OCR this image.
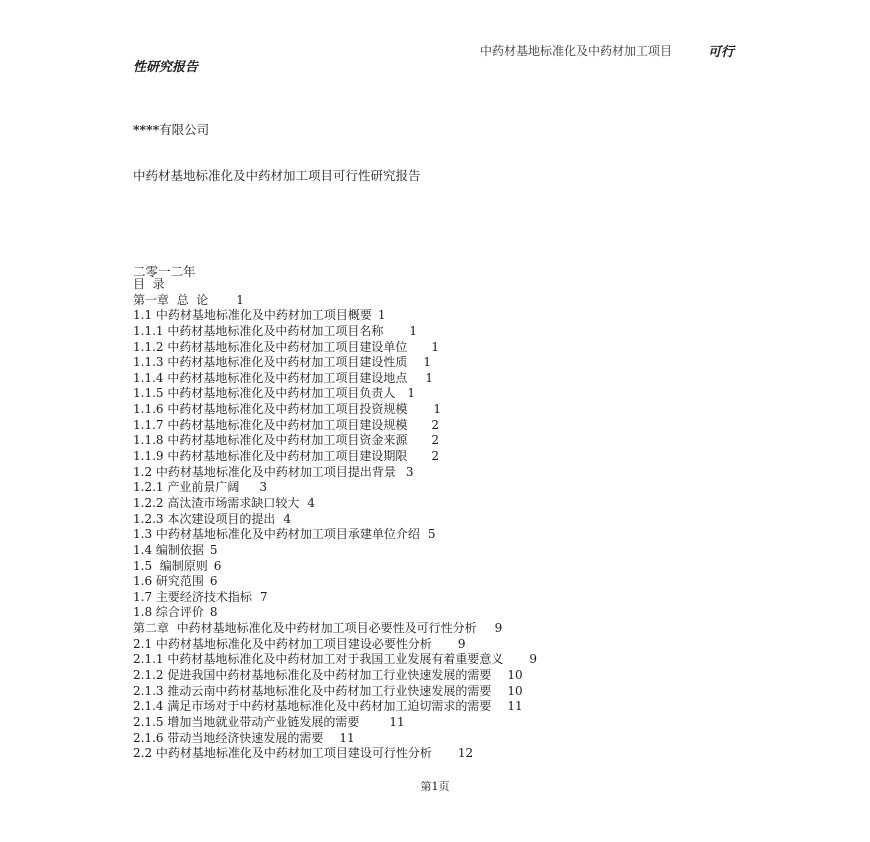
中药材基地标准化及中药材加工项目	可行
性研究报告
****有限公司
中药材基地标准化及中药材加工项目可行性研究报告
二零一二年
目  录
第一章  总  论 1
1.1 中药材基地标准化及中药材加工项目概要 1
1.1.1 中药材基地标准化及中药材加工项目名称 1
1.1.2 中药材基地标准化及中药材加工项目建设单位 1
1.1.3 中药材基地标准化及中药材加工项目建设性质 1
1.1.4 中药材基地标准化及中药材加工项目建设地点 1
1.1.5 中药材基地标准化及中药材加工项目负责人 1
1.1.6 中药材基地标准化及中药材加工项目投资规模 1
1.1.7 中药材基地标准化及中药材加工项目建设规模 2
1.1.8 中药材基地标准化及中药材加工项目资金来源 2
1.1.9 中药材基地标准化及中药材加工项目建设期限 2
1.2 中药材基地标准化及中药材加工项目提出背景 3
1.2.1 产业前景广阔 3
1.2.2 高汰渣市场需求缺口较大 4
1.2.3 本次建设项目的提出 4
1.3 中药材基地标准化及中药材加工项目承建单位介绍 5
1.4 编制依据 5
1.5  编制原则 6
1.6 研究范围 6
1.7 主要经济技术指标 7
1.8 综合评价 8
第二章  中药材基地标准化及中药材加工项目必要性及可行性分析 9
2.1 中药材基地标准化及中药材加工项目建设必要性分析 9
2.1.1 中药材基地标准化及中药材加工对于我国工业发展有着重要意义 9
2.1.2 促进我国中药材基地标准化及中药材加工行业快速发展的需要 10
2.1.3 推动云南中药材基地标准化及中药材加工行业快速发展的需要 10
2.1.4 满足市场对于中药材基地标准化及中药材加工迫切需求的需要 11
2.1.5 增加当地就业带动产业链发展的需要	11
2.1.6 带动当地经济快速发展的需要 11
2.2 中药材基地标准化及中药材加工项目建设可行性分析 12
第1页
